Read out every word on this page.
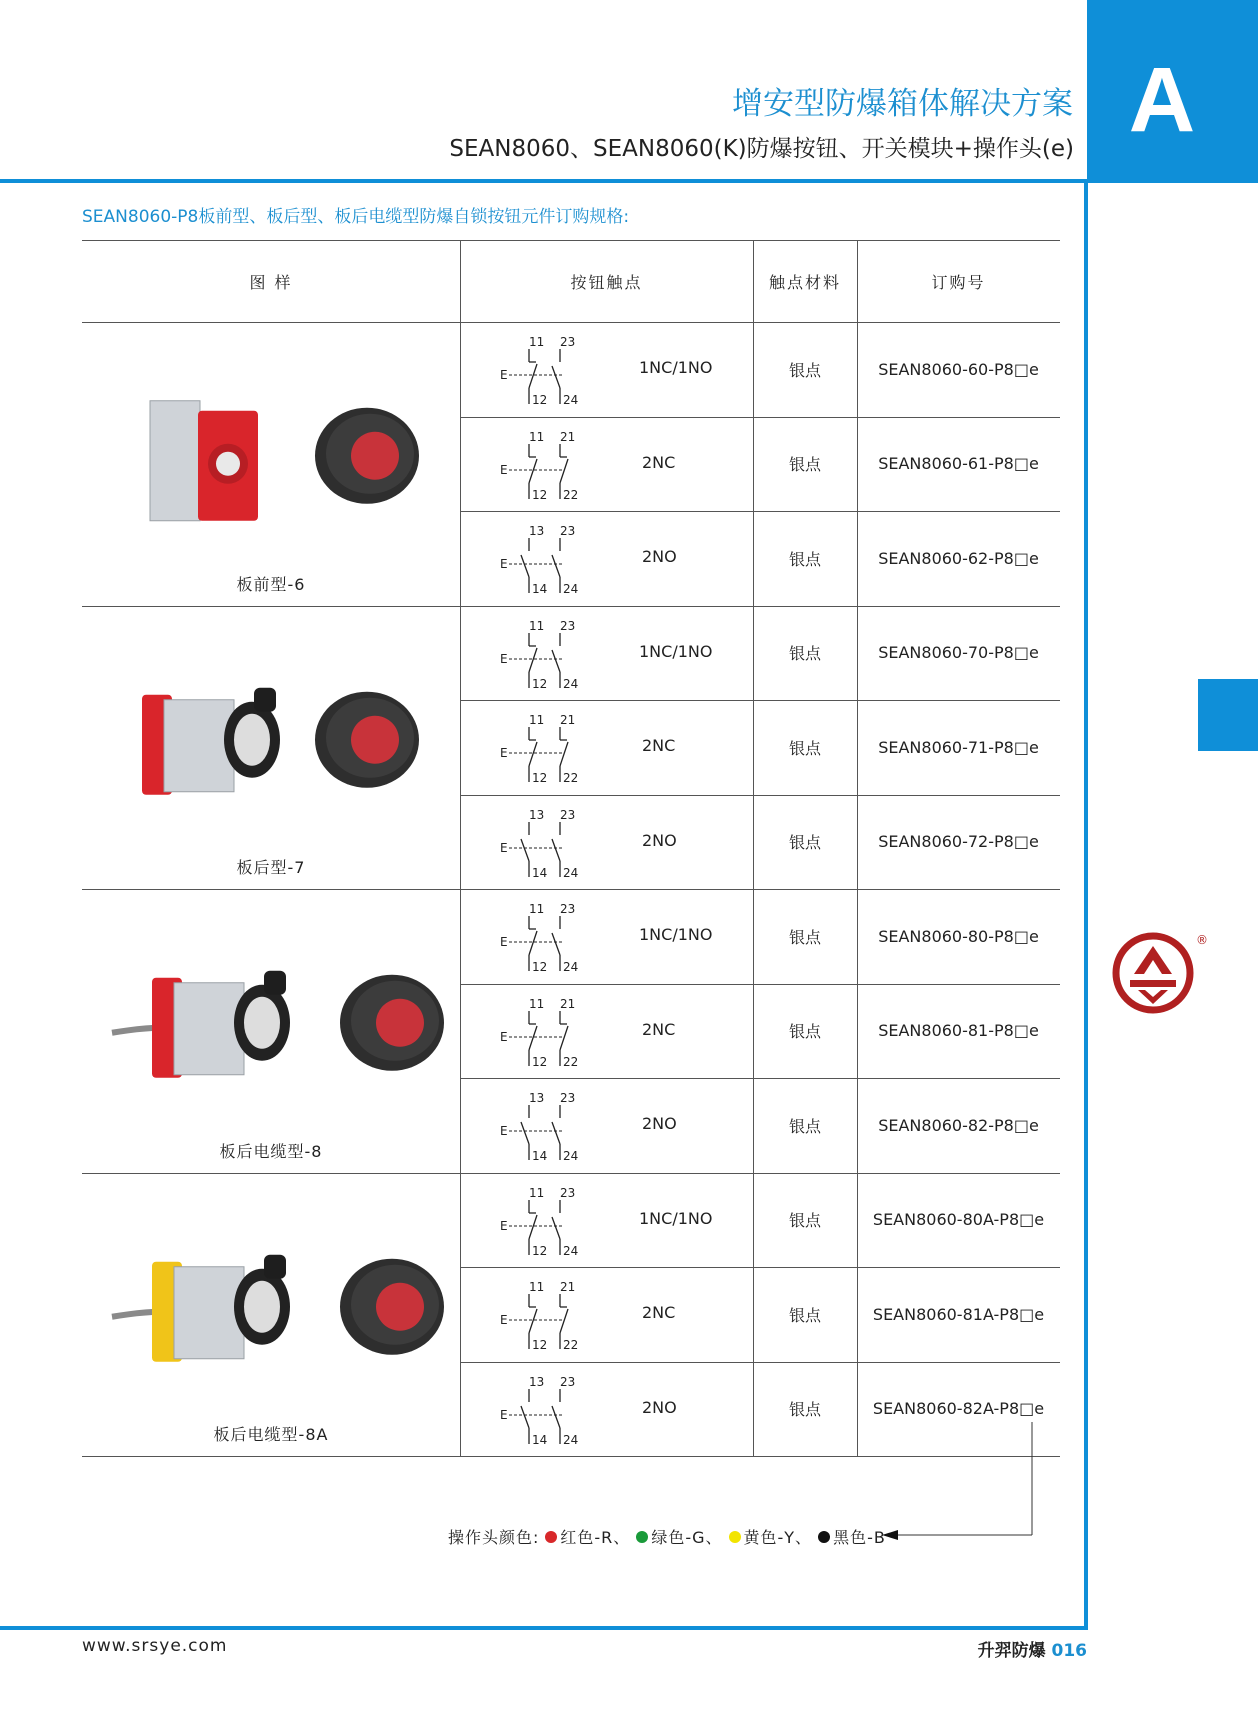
A
增安型防爆箱体解决方案
SEAN8060、SEAN8060(K)防爆按钮、开关模块+操作头(e)
SEAN8060-P8板前型、板后型、板后电缆型防爆自锁按钮元件订购规格:
图 样	按钮触点	触点材料	订购号
板前型-6
11 23
12 24
E	1NC/1NO	银点	SEAN8060-60-P8□e
11 21
12 22
E	2NC	银点	SEAN8060-61-P8□e
13 23
14 24
E	2NO	银点	SEAN8060-62-P8□e
板后型-7
11 23
12 24
E	1NC/1NO	银点	SEAN8060-70-P8□e
11 21
12 22
E	2NC	银点	SEAN8060-71-P8□e
13 23
14 24
E	2NO	银点	SEAN8060-72-P8□e
板后电缆型-8
11 23
12 24
E	1NC/1NO	银点	SEAN8060-80-P8□e
11 21
12 22
E	2NC	银点	SEAN8060-81-P8□e
13 23
14 24
E	2NO	银点	SEAN8060-82-P8□e
板后电缆型-8A
11 23
12 24
E	1NC/1NO	银点	SEAN8060-80A-P8□e
11 21
12 22
E	2NC	银点	SEAN8060-81A-P8□e
13 23
14 24
E	2NO	银点	SEAN8060-82A-P8□e
操作头颜色: 红色-R、 绿色-G、 黄色-Y、 黑色-B
®
www.srsye.com	升羿防爆 016
